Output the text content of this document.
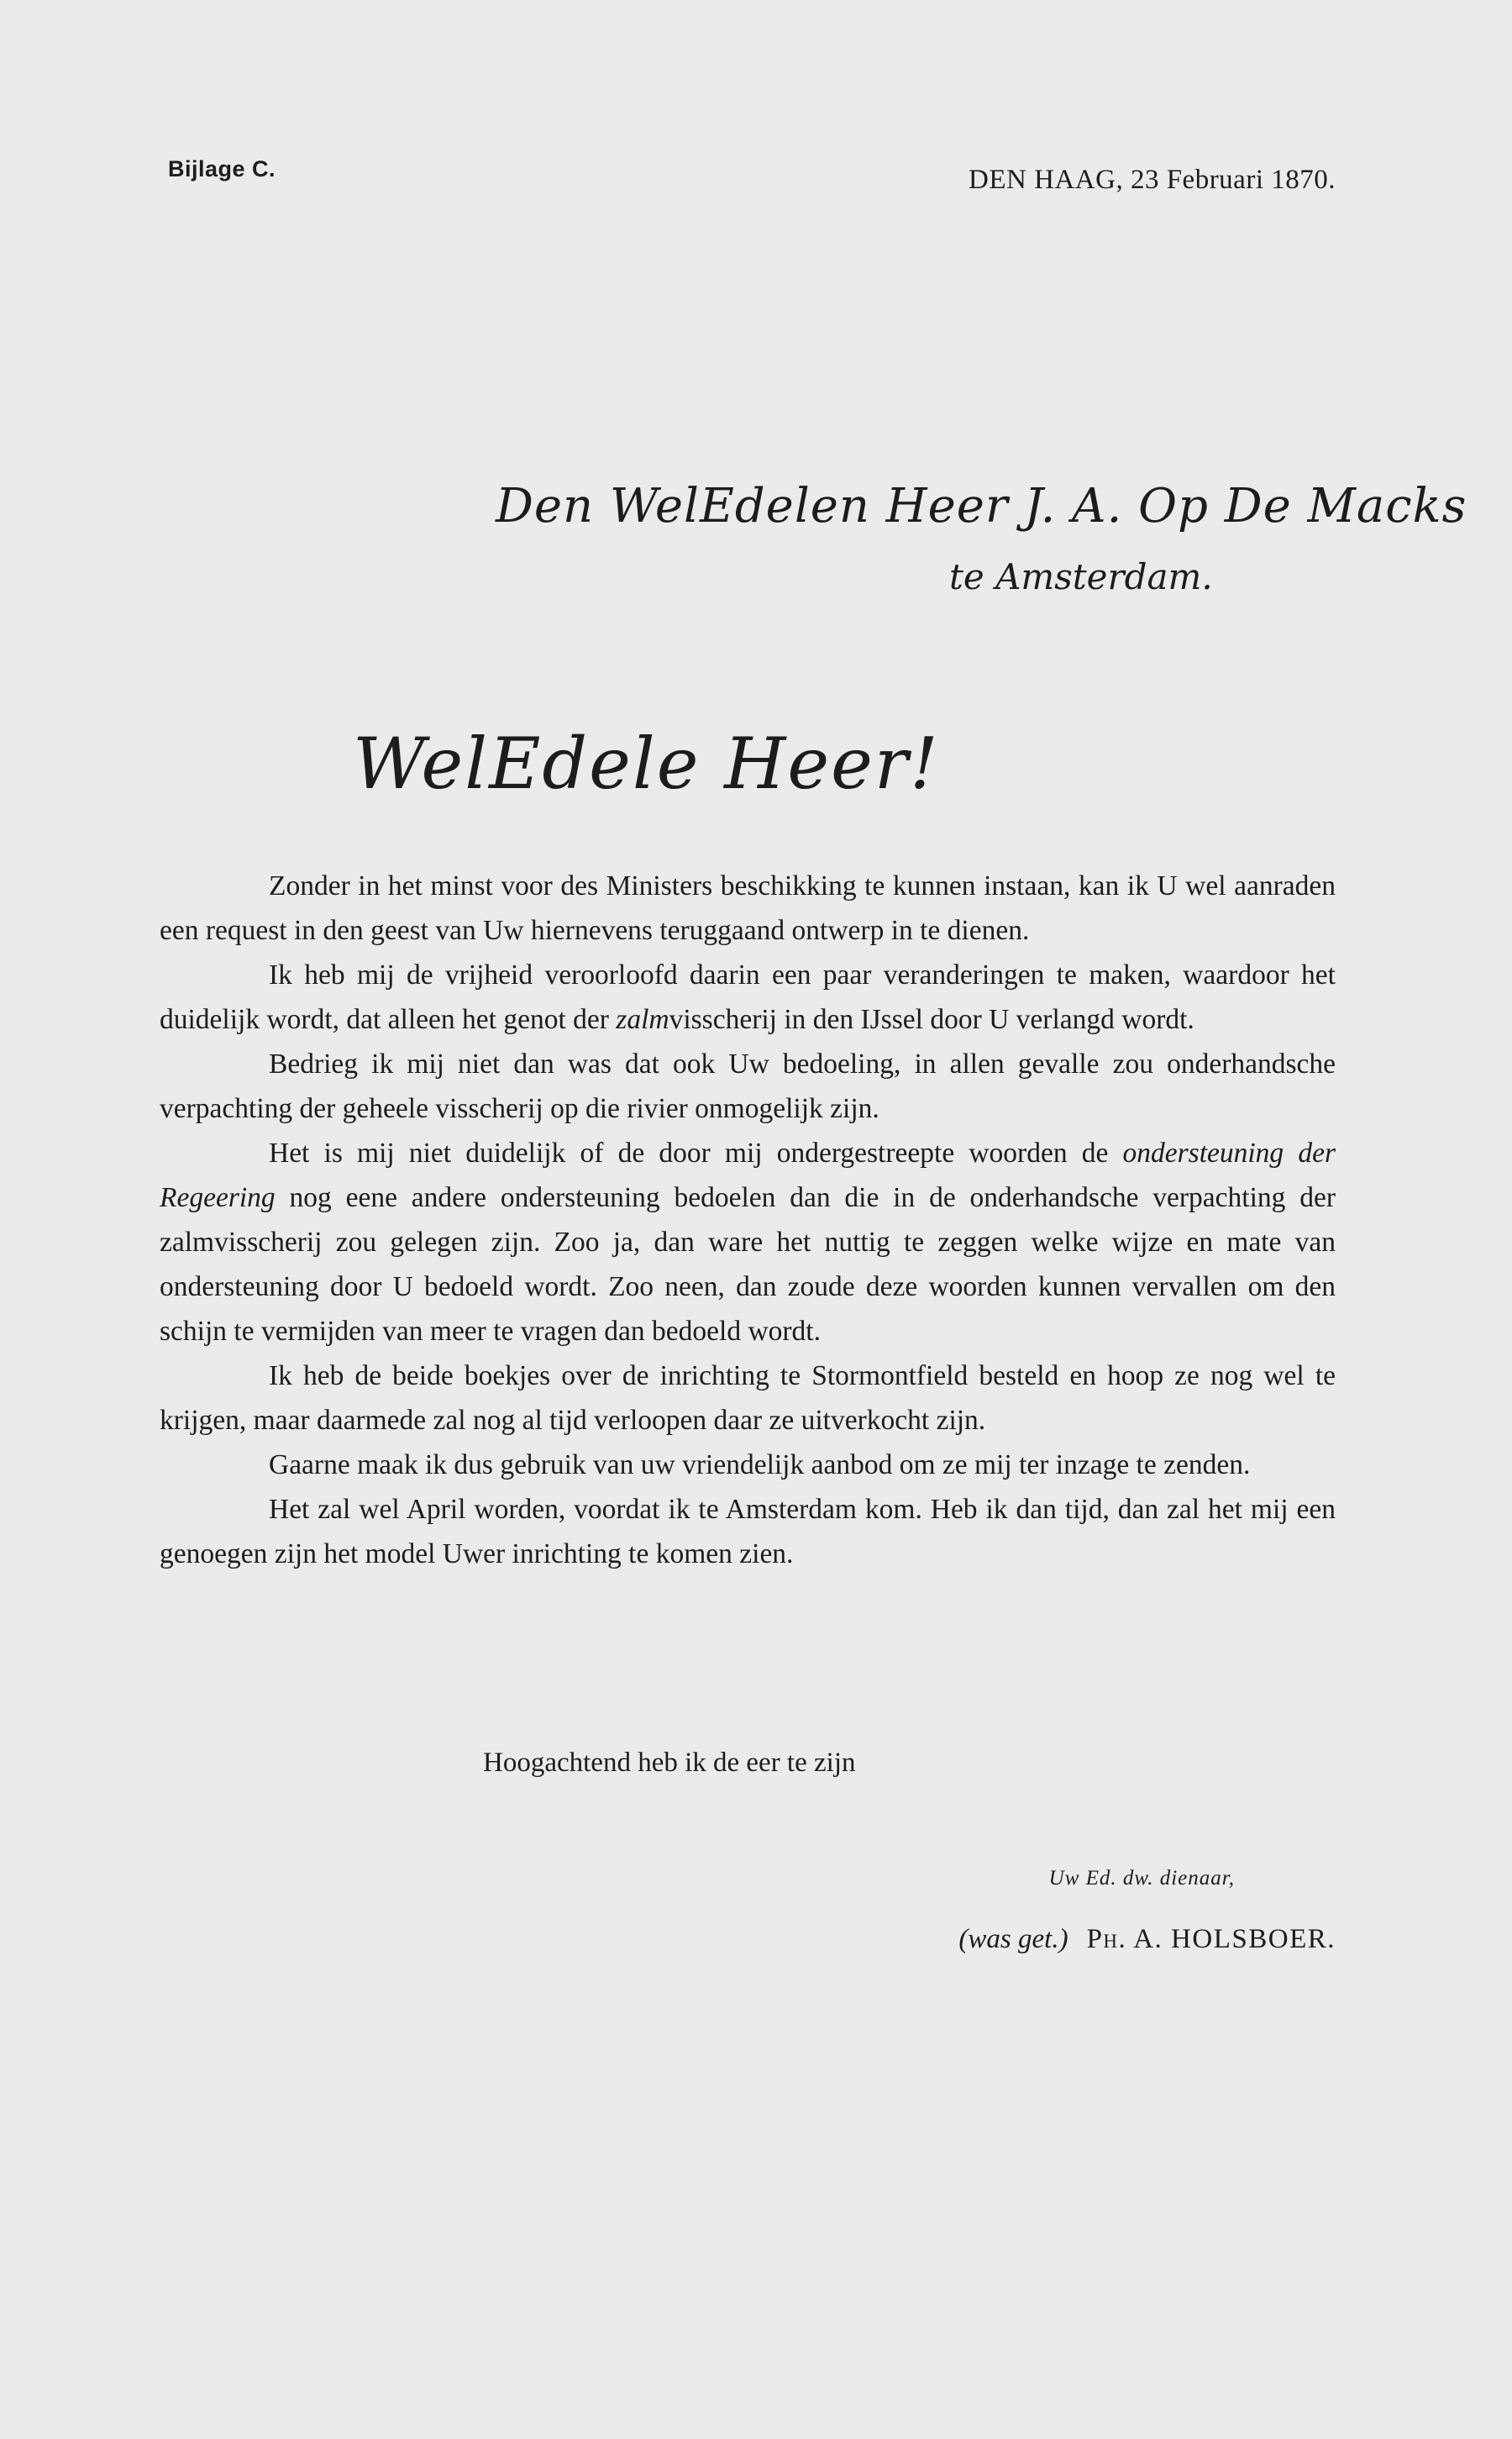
Bijlage C.	DEN HAAG, 23 Februari 1870.
Den WelEdelen Heer J. A. Op De Macks
te Amsterdam.
WelEdele Heer!

Zonder in het minst voor des Ministers beschikking te kunnen instaan, kan ik U wel aanraden een request in den geest van Uw hiernevens teruggaand ontwerp in te dienen.

Ik heb mij de vrijheid veroorloofd daarin een paar veranderingen te maken, waardoor het duidelijk wordt, dat alleen het genot der zalmvisscherij in den IJssel door U verlangd wordt.

Bedrieg ik mij niet dan was dat ook Uw bedoeling, in allen gevalle zou onderhandsche verpachting der geheele visscherij op die rivier onmogelijk zijn.

Het is mij niet duidelijk of de door mij ondergestreepte woorden de ondersteuning der Regeering nog eene andere ondersteuning bedoelen dan die in de onderhandsche verpachting der zalmvisscherij zou gelegen zijn. Zoo ja, dan ware het nuttig te zeggen welke wijze en mate van ondersteuning door U bedoeld wordt. Zoo neen, dan zoude deze woorden kunnen vervallen om den schijn te vermijden van meer te vragen dan bedoeld wordt.

Ik heb de beide boekjes over de inrichting te Stormontfield besteld en hoop ze nog wel te krijgen, maar daarmede zal nog al tijd verloopen daar ze uitverkocht zijn.

Gaarne maak ik dus gebruik van uw vriendelijk aanbod om ze mij ter inzage te zenden.

Het zal wel April worden, voordat ik te Amsterdam kom. Heb ik dan tijd, dan zal het mij een genoegen zijn het model Uwer inrichting te komen zien.

Hoogachtend heb ik de eer te zijn
Uw Ed. dw. dienaar,
(was get.) Ph. A. HOLSBOER.
